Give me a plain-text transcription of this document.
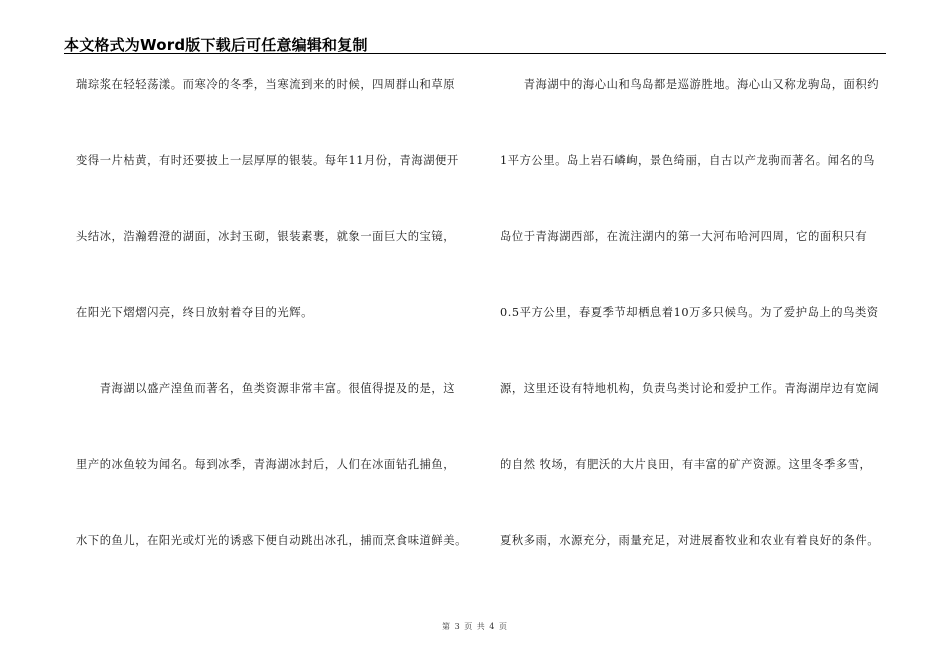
本文格式为Word版下载后可任意编辑和复制
瑞琮浆在轻轻荡漾。而寒冷的冬季，当寒流到来的时候，四周群山和草原
变得一片枯黄，有时还要披上一层厚厚的银装。每年11月份，青海湖便开
头结冰，浩瀚碧澄的湖面，冰封玉砌，银装素裹，就象一面巨大的宝镜，
在阳光下熠熠闪亮，终日放射着夺目的光辉。
　　青海湖以盛产湟鱼而著名，鱼类资源非常丰富。很值得提及的是，这
里产的冰鱼较为闻名。每到冰季，青海湖冰封后，人们在冰面钻孔捕鱼，
水下的鱼儿，在阳光或灯光的诱惑下便自动跳出冰孔，捕而烹食味道鲜美。
　　青海湖中的海心山和鸟岛都是巡游胜地。海心山又称龙驹岛，面积约
1平方公里。岛上岩石嶙峋，景色绮丽，自古以产龙驹而著名。闻名的鸟
岛位于青海湖西部，在流注湖内的第一大河布哈河四周，它的面积只有
0.5平方公里，春夏季节却栖息着10万多只候鸟。为了爱护岛上的鸟类资
源，这里还设有特地机构，负责鸟类讨论和爱护工作。青海湖岸边有宽阔
的自然 牧场，有肥沃的大片良田，有丰富的矿产资源。这里冬季多雪，
夏秋多雨，水源充分，雨量充足，对进展畜牧业和农业有着良好的条件。
第 3 页 共 4 页
